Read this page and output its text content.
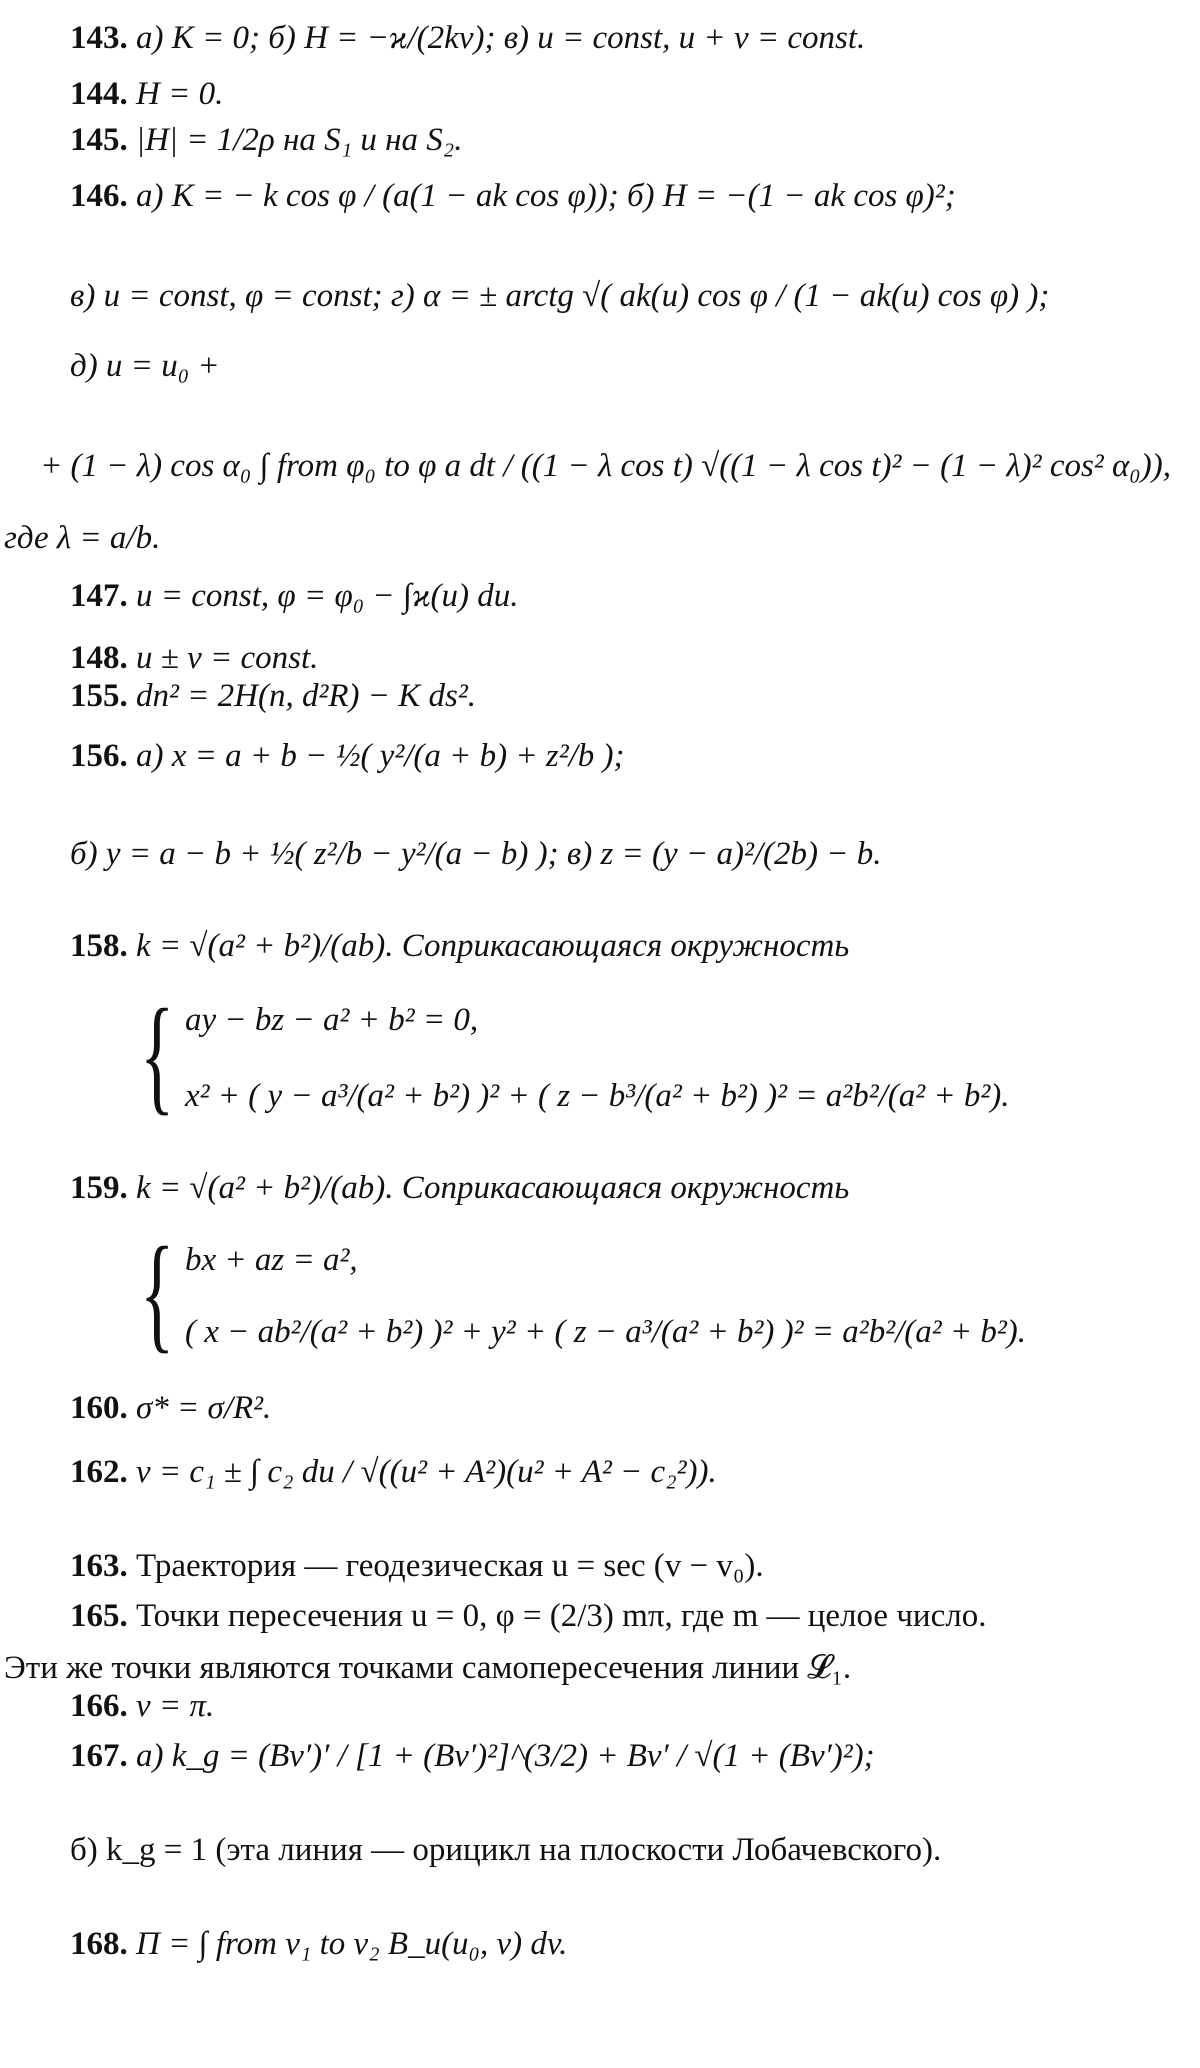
143. а) K = 0; б) H = −ϰ/(2kv); в) u = const, u + v = const.
144. H = 0.
145. |H| = 1/2ρ на S₁ и на S₂.
146. а) K = − k cos φ / (a(1 − ak cos φ)); б) H = −(1 − ak cos φ)²;
в) u = const, φ = const; г) α = ± arctg √( ak(u) cos φ / (1 − ak(u) cos φ) );
д) u = u₀ +
+ (1 − λ) cos α₀ ∫ from φ₀ to φ a dt / ((1 − λ cos t) √((1 − λ cos t)² − (1 − λ)² cos² α₀)),
где λ = a/b.
147. u = const, φ = φ₀ − ∫ϰ(u) du.
148. u ± v = const.
155. dn² = 2H(n, d²R) − K ds².
156. а) x = a + b − ½( y²/(a + b) + z²/b );
б) y = a − b + ½( z²/b − y²/(a − b) ); в) z = (y − a)²/(2b) − b.
158. k = √(a² + b²)/(ab). Соприкасающаяся окружность
{ ay − bz − a² + b² = 0,
x² + ( y − a³/(a² + b²) )² + ( z − b³/(a² + b²) )² = a²b²/(a² + b²).
159. k = √(a² + b²)/(ab). Соприкасающаяся окружность
{ bx + az = a²,
( x − ab²/(a² + b²) )² + y² + ( z − a³/(a² + b²) )² = a²b²/(a² + b²).
160. σ* = σ/R².
162. v = c₁ ± ∫ c₂ du / √((u² + A²)(u² + A² − c₂²)).
163. Траектория — геодезическая u = sec (v − v₀).
165. Точки пересечения u = 0, φ = (2/3) mπ, где m — целое число.
Эти же точки являются точками самопересечения линии 𝓛₁.
166. v = π.
167. а) k_g = (Bv′)′ / [1 + (Bv′)²]^(3/2) + Bv′ / √(1 + (Bv′)²);
б) k_g = 1 (эта линия — орицикл на плоскости Лобачевского).
168. Π = ∫ from v₁ to v₂ B_u(u₀, v) dv.
